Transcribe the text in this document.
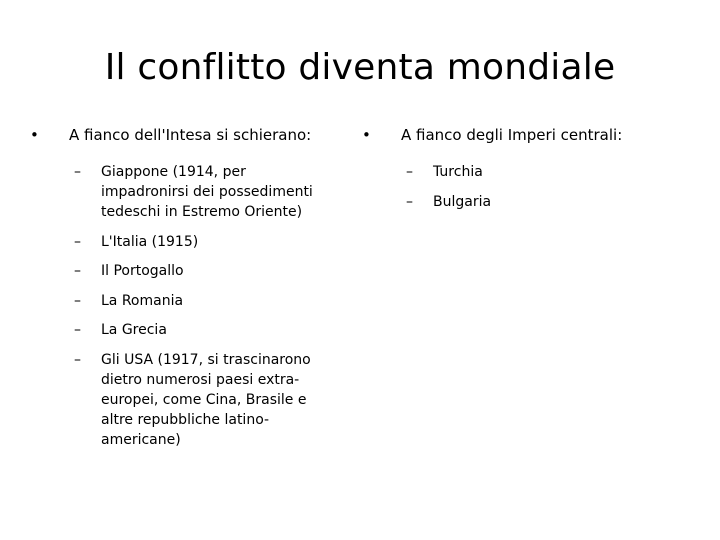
Il conflitto diventa mondiale
•	A fianco dell'Intesa si schierano:
– Giappone (1914, per impadronirsi dei possedimenti tedeschi in Estremo Oriente)
– L'Italia (1915)
– Il Portogallo
– La Romania
– La Grecia
– Gli USA (1917, si trascinarono dietro numerosi paesi extra-europei, come Cina, Brasile e altre repubbliche latino-americane)
•	A fianco degli Imperi centrali:
– Turchia
– Bulgaria
